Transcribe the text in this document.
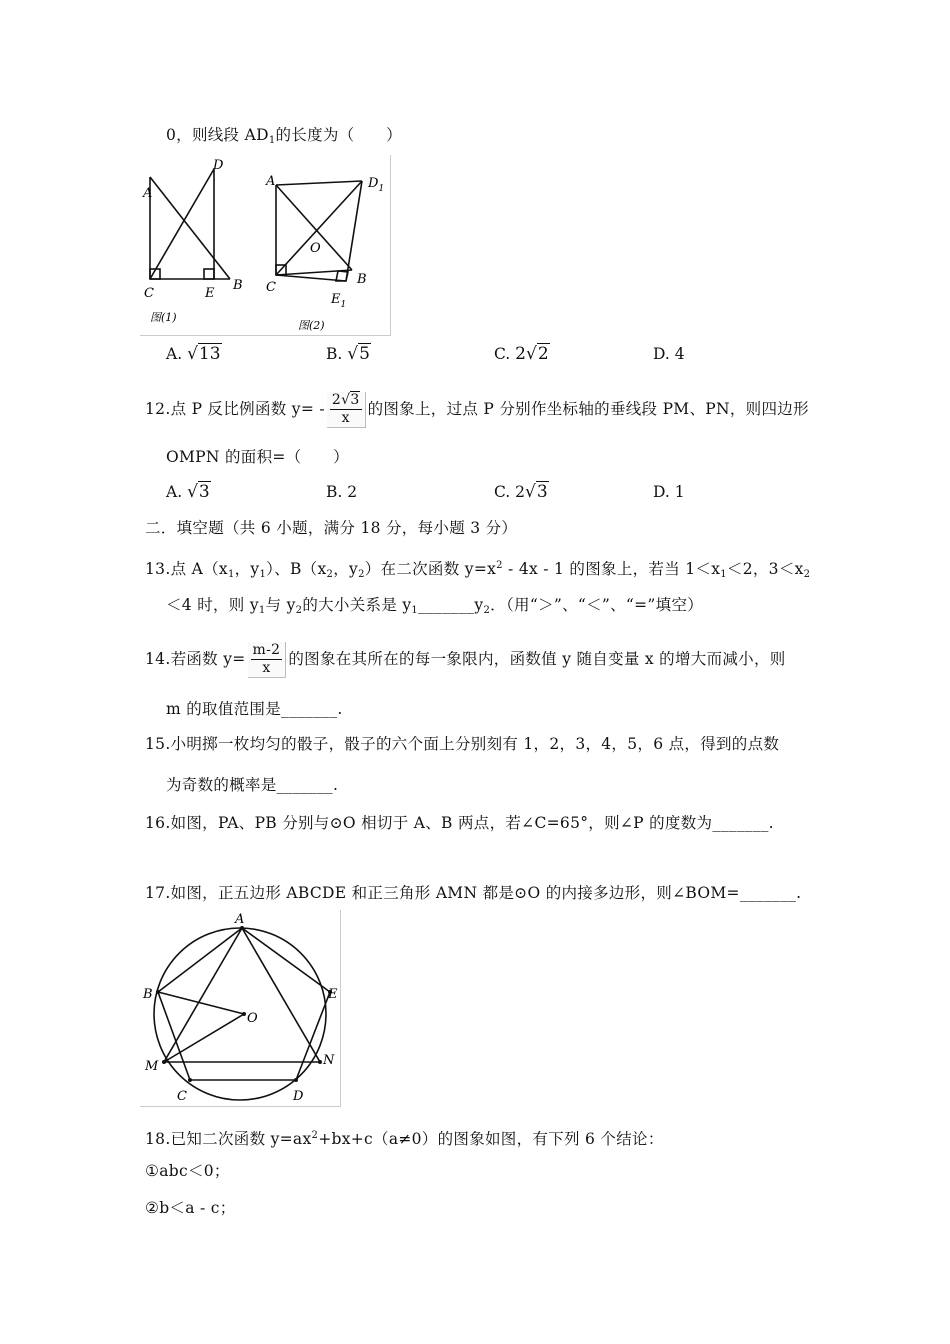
0，则线段 $AD_1$的长度为（　　）
A
D
C	E
B
图(1)
A	$D_1$
O
C
$E_1$
B
图(2)
A. √13	B. √5	C. 2√2	D. 4
12.点 P 反比例函数 $y= - \frac{2√3}{x}$ 的图象上，过点 P 分别作坐标轴的垂线段 PM、PN，则四边形
OMPN 的面积=（　　）
A. √3	B. 2	C. 2√3	D. 1
二．填空题（共 6 小题，满分 18 分，每小题 3 分）
13.点 $A(x_1$，$y_1$）、$B(x_2$，$y_2$）在二次函数 $y=x^2 - 4x - 1$ 的图象上，若当 $1<x_1<2$，$3<x_2$
＜4 时，则 $y_1$与 $y_2$的大小关系是 $y_1\_\_\_\_\_\_\_y_2$．（用“＞”、“＜”、“=”填空）
14.若函数 $y= \frac{m-2}{x}$ 的图象在其所在的每一象限内，函数值 y 随自变量 x 的增大而减小，则
m 的取值范围是_______.
15.小明掷一枚均匀的骰子，骰子的六个面上分别刻有 1，2，3，4，5，6 点，得到的点数
为奇数的概率是_______.
16.如图，PA、PB 分别与⊙O 相切于 A、B 两点，若∠C=65°，则∠P 的度数为_______.
17.如图，正五边形 ABCDE 和正三角形 AMN 都是⊙O 的内接多边形，则∠BOM=_______.
A
B
C	D
E
M	N
O
18.已知二次函数 $y=ax^2+bx+c(a\ne 0)$的图象如图，有下列 6 个结论：
①abc＜0；
②b＜a - c；
